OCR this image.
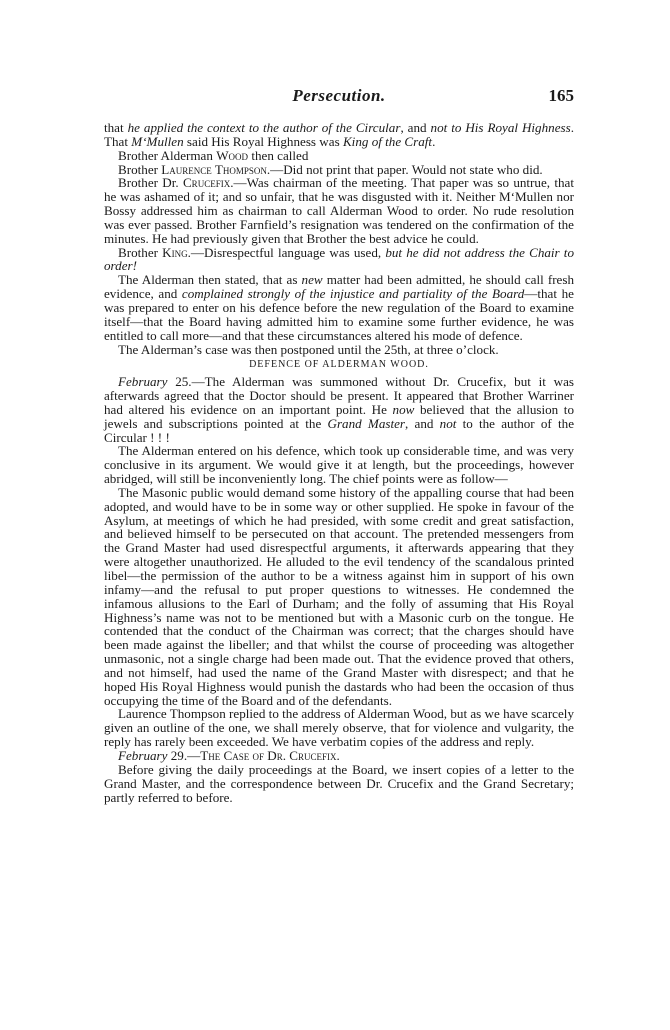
Persecution.	165

that he applied the context to the author of the Circular, and not to His Royal Highness. That M‘Mullen said His Royal Highness was King of the Craft.

Brother Alderman Wood then called

Brother Laurence Thompson.—Did not print that paper. Would not state who did.

Brother Dr. Crucefix.—Was chairman of the meeting. That paper was so untrue, that he was ashamed of it; and so unfair, that he was disgusted with it. Neither M‘Mullen nor Bossy addressed him as chairman to call Alderman Wood to order. No rude resolution was ever passed. Brother Farnfield’s resignation was tendered on the confirmation of the minutes. He had previously given that Brother the best advice he could.

Brother King.—Disrespectful language was used, but he did not address the Chair to order!

The Alderman then stated, that as new matter had been admitted, he should call fresh evidence, and complained strongly of the injustice and partiality of the Board—that he was prepared to enter on his defence before the new regulation of the Board to examine itself—that the Board having admitted him to examine some further evidence, he was entitled to call more—and that these circumstances altered his mode of defence.

The Alderman’s case was then postponed until the 25th, at three o’clock.

DEFENCE OF ALDERMAN WOOD.

February 25.—The Alderman was summoned without Dr. Crucefix, but it was afterwards agreed that the Doctor should be present. It appeared that Brother Warriner had altered his evidence on an important point. He now believed that the allusion to jewels and subscriptions pointed at the Grand Master, and not to the author of the Circular ! ! !

The Alderman entered on his defence, which took up considerable time, and was very conclusive in its argument. We would give it at length, but the proceedings, however abridged, will still be inconveniently long. The chief points were as follow—

The Masonic public would demand some history of the appalling course that had been adopted, and would have to be in some way or other supplied. He spoke in favour of the Asylum, at meetings of which he had presided, with some credit and great satisfaction, and believed himself to be persecuted on that account. The pretended messengers from the Grand Master had used disrespectful arguments, it afterwards appearing that they were altogether unauthorized. He alluded to the evil tendency of the scandalous printed libel—the permission of the author to be a witness against him in support of his own infamy—and the refusal to put proper questions to witnesses. He condemned the infamous allusions to the Earl of Durham; and the folly of assuming that His Royal Highness’s name was not to be mentioned but with a Masonic curb on the tongue. He contended that the conduct of the Chairman was correct; that the charges should have been made against the libeller; and that whilst the course of proceeding was altogether unmasonic, not a single charge had been made out. That the evidence proved that others, and not himself, had used the name of the Grand Master with disrespect; and that he hoped His Royal Highness would punish the dastards who had been the occasion of thus occupying the time of the Board and of the defendants.

Laurence Thompson replied to the address of Alderman Wood, but as we have scarcely given an outline of the one, we shall merely observe, that for violence and vulgarity, the reply has rarely been exceeded. We have verbatim copies of the address and reply.

February 29.—The Case of Dr. Crucefix.

Before giving the daily proceedings at the Board, we insert copies of a letter to the Grand Master, and the correspondence between Dr. Crucefix and the Grand Secretary; partly referred to before.
